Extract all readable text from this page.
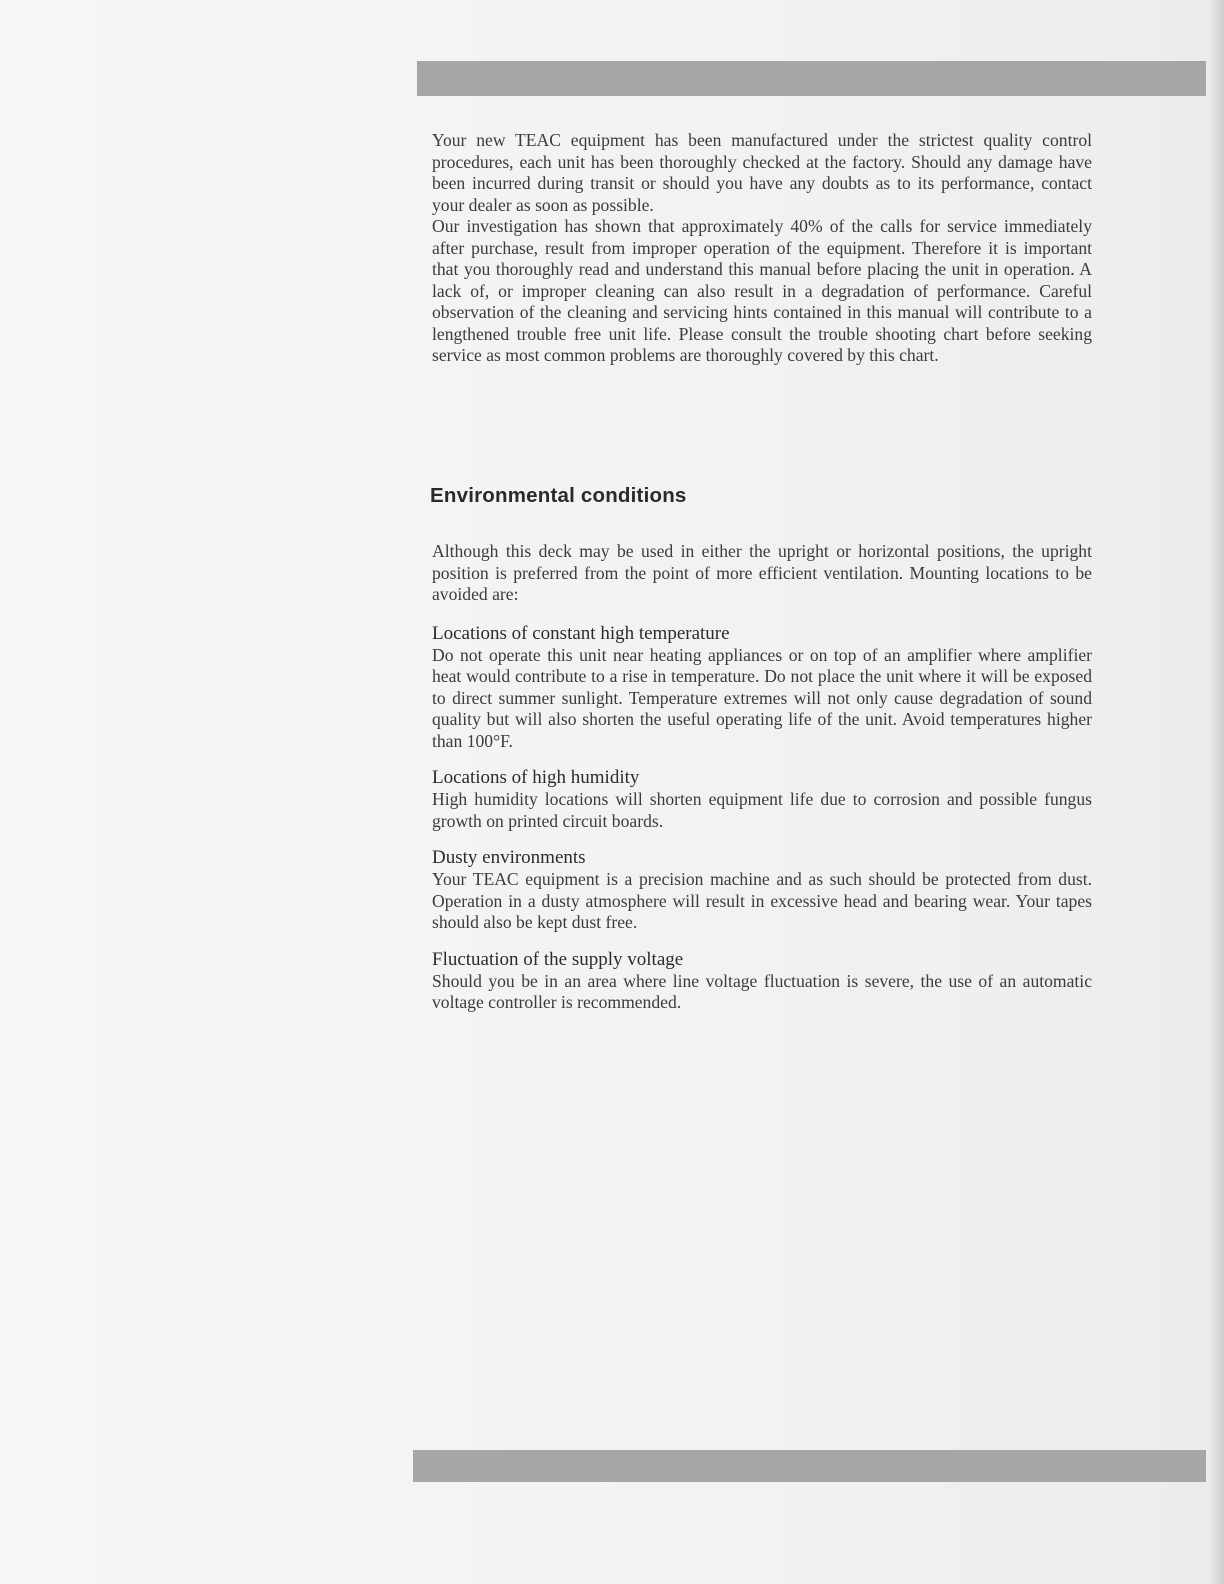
Your new TEAC equipment has been manufactured under the strictest quality control procedures, each unit has been thoroughly checked at the factory. Should any damage have been incurred during transit or should you have any doubts as to its performance, contact your dealer as soon as possible.

Our investigation has shown that approximately 40% of the calls for service immediately after purchase, result from improper operation of the equipment. Therefore it is important that you thoroughly read and understand this manual before placing the unit in operation. A lack of, or improper cleaning can also result in a degradation of performance. Careful observation of the cleaning and servicing hints contained in this manual will contribute to a lengthened trouble free unit life. Please consult the trouble shooting chart before seeking service as most common problems are thoroughly covered by this chart.

Environmental conditions

Although this deck may be used in either the upright or horizontal positions, the upright position is preferred from the point of more efficient ventilation. Mounting locations to be avoided are:

Locations of constant high temperature

Do not operate this unit near heating appliances or on top of an amplifier where amplifier heat would contribute to a rise in temperature. Do not place the unit where it will be exposed to direct summer sunlight. Temperature extremes will not only cause degradation of sound quality but will also shorten the useful operating life of the unit. Avoid temperatures higher than 100°F.

Locations of high humidity

High humidity locations will shorten equipment life due to corrosion and possible fungus growth on printed circuit boards.

Dusty environments

Your TEAC equipment is a precision machine and as such should be protected from dust. Operation in a dusty atmosphere will result in excessive head and bearing wear. Your tapes should also be kept dust free.

Fluctuation of the supply voltage

Should you be in an area where line voltage fluctuation is severe, the use of an automatic voltage controller is recommended.
